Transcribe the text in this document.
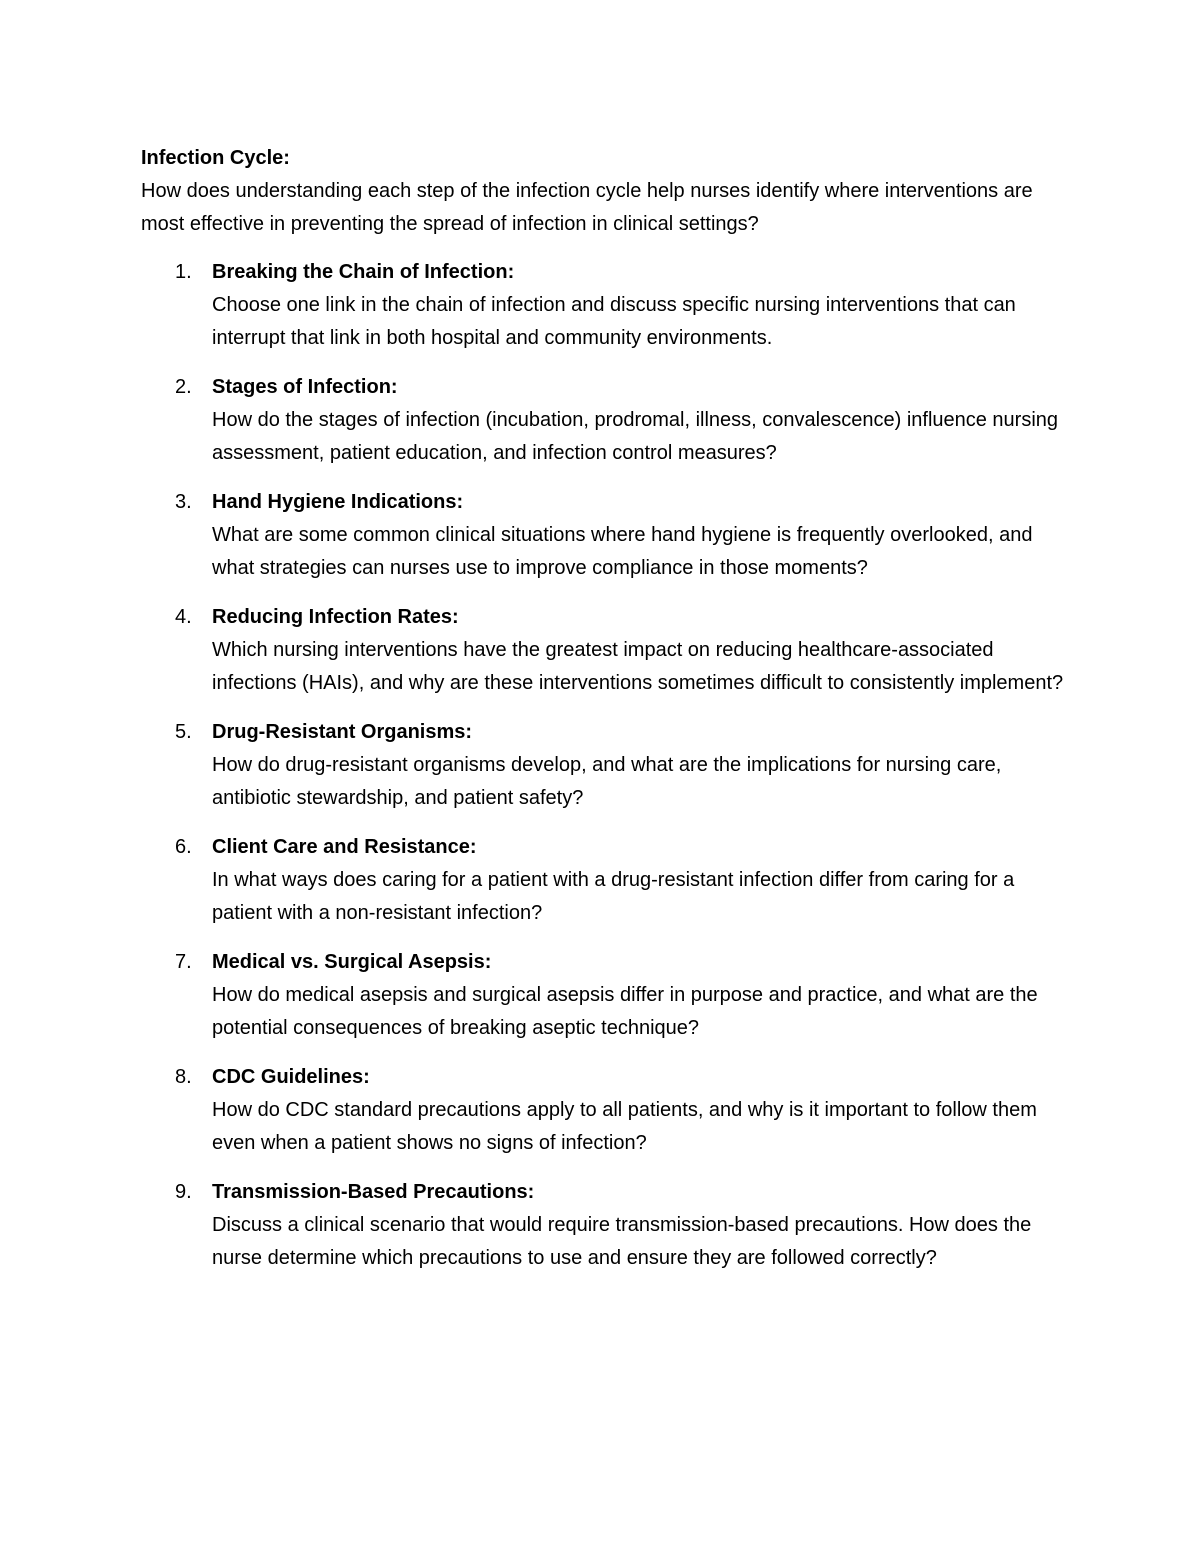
Infection Cycle:

How does understanding each step of the infection cycle help nurses identify where interventions are most effective in preventing the spread of infection in clinical settings?

1. Breaking the Chain of Infection:
Choose one link in the chain of infection and discuss specific nursing interventions that can interrupt that link in both hospital and community environments.
2. Stages of Infection:
How do the stages of infection (incubation, prodromal, illness, convalescence) influence nursing assessment, patient education, and infection control measures?
3. Hand Hygiene Indications:
What are some common clinical situations where hand hygiene is frequently overlooked, and what strategies can nurses use to improve compliance in those moments?
4. Reducing Infection Rates:
Which nursing interventions have the greatest impact on reducing healthcare-associated infections (HAIs), and why are these interventions sometimes difficult to consistently implement?
5. Drug-Resistant Organisms:
How do drug-resistant organisms develop, and what are the implications for nursing care, antibiotic stewardship, and patient safety?
6. Client Care and Resistance:
In what ways does caring for a patient with a drug-resistant infection differ from caring for a patient with a non-resistant infection?
7. Medical vs. Surgical Asepsis:
How do medical asepsis and surgical asepsis differ in purpose and practice, and what are the potential consequences of breaking aseptic technique?
8. CDC Guidelines:
How do CDC standard precautions apply to all patients, and why is it important to follow them even when a patient shows no signs of infection?
9. Transmission-Based Precautions:
Discuss a clinical scenario that would require transmission-based precautions. How does the nurse determine which precautions to use and ensure they are followed correctly?
